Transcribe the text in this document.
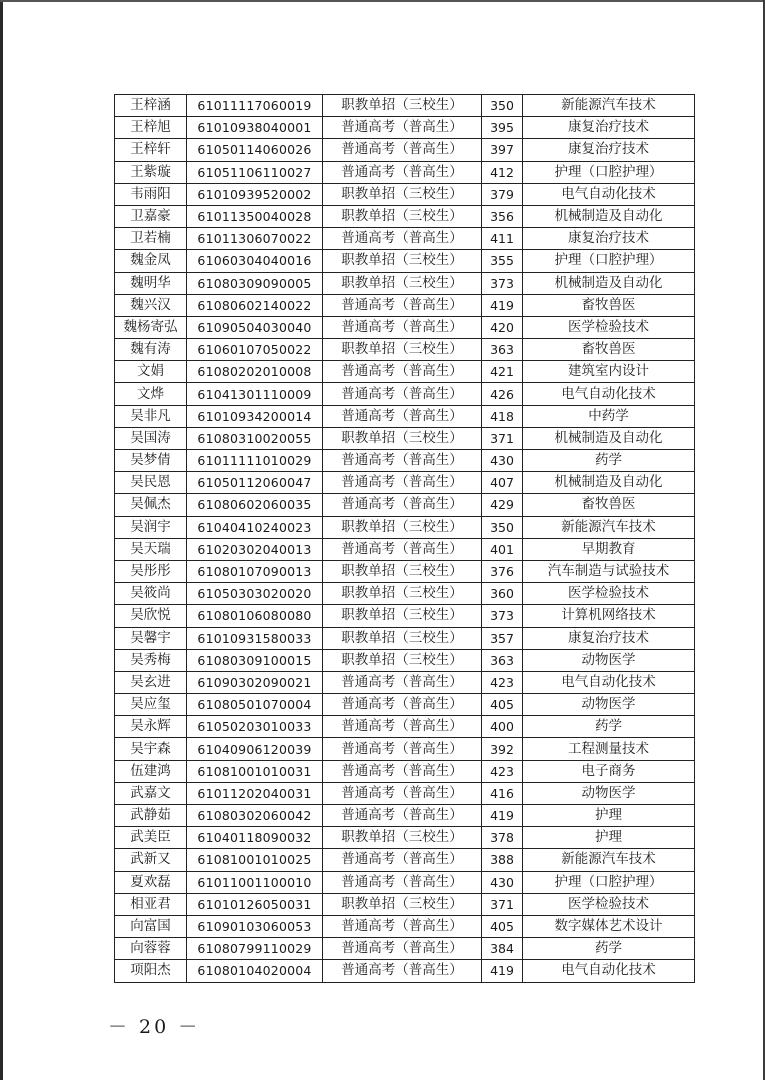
王梓涵	61011117060019	职教单招（三校生）	350	新能源汽车技术
王梓旭	61010938040001	普通高考（普高生）	395	康复治疗技术
王梓轩	61050114060026	普通高考（普高生）	397	康复治疗技术
王紫璇	61051106110027	普通高考（普高生）	412	护理（口腔护理）
韦雨阳	61010939520002	职教单招（三校生）	379	电气自动化技术
卫嘉豪	61011350040028	职教单招（三校生）	356	机械制造及自动化
卫若楠	61011306070022	普通高考（普高生）	411	康复治疗技术
魏金凤	61060304040016	职教单招（三校生）	355	护理（口腔护理）
魏明华	61080309090005	职教单招（三校生）	373	机械制造及自动化
魏兴汉	61080602140022	普通高考（普高生）	419	畜牧兽医
魏杨寄弘	61090504030040	普通高考（普高生）	420	医学检验技术
魏有涛	61060107050022	职教单招（三校生）	363	畜牧兽医
文娟	61080202010008	普通高考（普高生）	421	建筑室内设计
文烨	61041301110009	普通高考（普高生）	426	电气自动化技术
吴非凡	61010934200014	普通高考（普高生）	418	中药学
吴国涛	61080310020055	职教单招（三校生）	371	机械制造及自动化
吴梦倩	61011111010029	普通高考（普高生）	430	药学
吴民恩	61050112060047	普通高考（普高生）	407	机械制造及自动化
吴佩杰	61080602060035	普通高考（普高生）	429	畜牧兽医
吴润宇	61040410240023	职教单招（三校生）	350	新能源汽车技术
吴天瑞	61020302040013	普通高考（普高生）	401	早期教育
吴彤彤	61080107090013	职教单招（三校生）	376	汽车制造与试验技术
吴筱尚	61050303020020	职教单招（三校生）	360	医学检验技术
吴欣悦	61080106080080	职教单招（三校生）	373	计算机网络技术
吴馨宇	61010931580033	职教单招（三校生）	357	康复治疗技术
吴秀梅	61080309100015	职教单招（三校生）	363	动物医学
吴玄进	61090302090021	普通高考（普高生）	423	电气自动化技术
吴应玺	61080501070004	普通高考（普高生）	405	动物医学
吴永辉	61050203010033	普通高考（普高生）	400	药学
吴宇森	61040906120039	普通高考（普高生）	392	工程测量技术
伍建鸿	61081001010031	普通高考（普高生）	423	电子商务
武嘉文	61011202040031	普通高考（普高生）	416	动物医学
武静茹	61080302060042	普通高考（普高生）	419	护理
武美臣	61040118090032	职教单招（三校生）	378	护理
武新又	61081001010025	普通高考（普高生）	388	新能源汽车技术
夏欢磊	61011001100010	普通高考（普高生）	430	护理（口腔护理）
相亚君	61010126050031	职教单招（三校生）	371	医学检验技术
向富国	61090103060053	普通高考（普高生）	405	数字媒体艺术设计
向蓉蓉	61080799110029	普通高考（普高生）	384	药学
项阳杰	61080104020004	普通高考（普高生）	419	电气自动化技术
－ 20 －
